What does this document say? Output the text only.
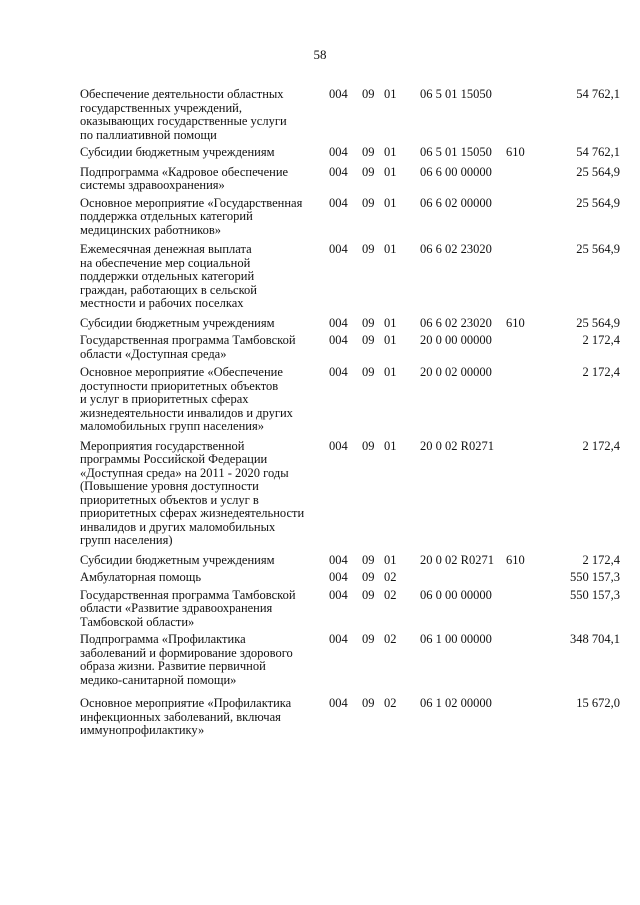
58
Обеспечение деятельности областных
государственных учреждений,
оказывающих государственные услуги
по паллиативной помощи
004	09 01	06 5 01 15050	54 762,1
Субсидии бюджетным учреждениям	004	09 01	06 5 01 15050	610	54 762,1
Подпрограмма «Кадровое обеспечение
системы здравоохранения»
004	09 01	06 6 00 00000	25 564,9
Основное мероприятие «Государственная
поддержка отдельных категорий
медицинских работников»
004	09 01	06 6 02 00000	25 564,9
Ежемесячная денежная выплата
на обеспечение мер социальной
поддержки отдельных категорий
граждан, работающих в сельской
местности и рабочих поселках
004	09 01	06 6 02 23020	25 564,9
Субсидии бюджетным учреждениям	004	09 01	06 6 02 23020	610	25 564,9
Государственная программа Тамбовской
области «Доступная среда»
004	09 01	20 0 00 00000	2 172,4
Основное мероприятие «Обеспечение
доступности приоритетных объектов
и услуг в приоритетных сферах
жизнедеятельности инвалидов и других
маломобильных групп населения»
004	09 01	20 0 02 00000	2 172,4
Мероприятия государственной
программы Российской Федерации
«Доступная среда» на 2011 - 2020 годы
(Повышение уровня доступности
приоритетных объектов и услуг в
приоритетных сферах жизнедеятельности
инвалидов и других маломобильных
групп населения)
004	09 01	20 0 02 R0271	2 172,4
Субсидии бюджетным учреждениям	004	09 01	20 0 02 R0271 610	2 172,4
Амбулаторная помощь	004	09 02	550 157,3
Государственная программа Тамбовской
области «Развитие здравоохранения
Тамбовской области»
004	09 02	06 0 00 00000	550 157,3
Подпрограмма «Профилактика
заболеваний и формирование здорового
образа жизни. Развитие первичной
медико-санитарной помощи»
004	09 02	06 1 00 00000	348 704,1
Основное мероприятие «Профилактика
инфекционных заболеваний, включая
иммунопрофилактику»
004	09 02	06 1 02 00000	15 672,0
